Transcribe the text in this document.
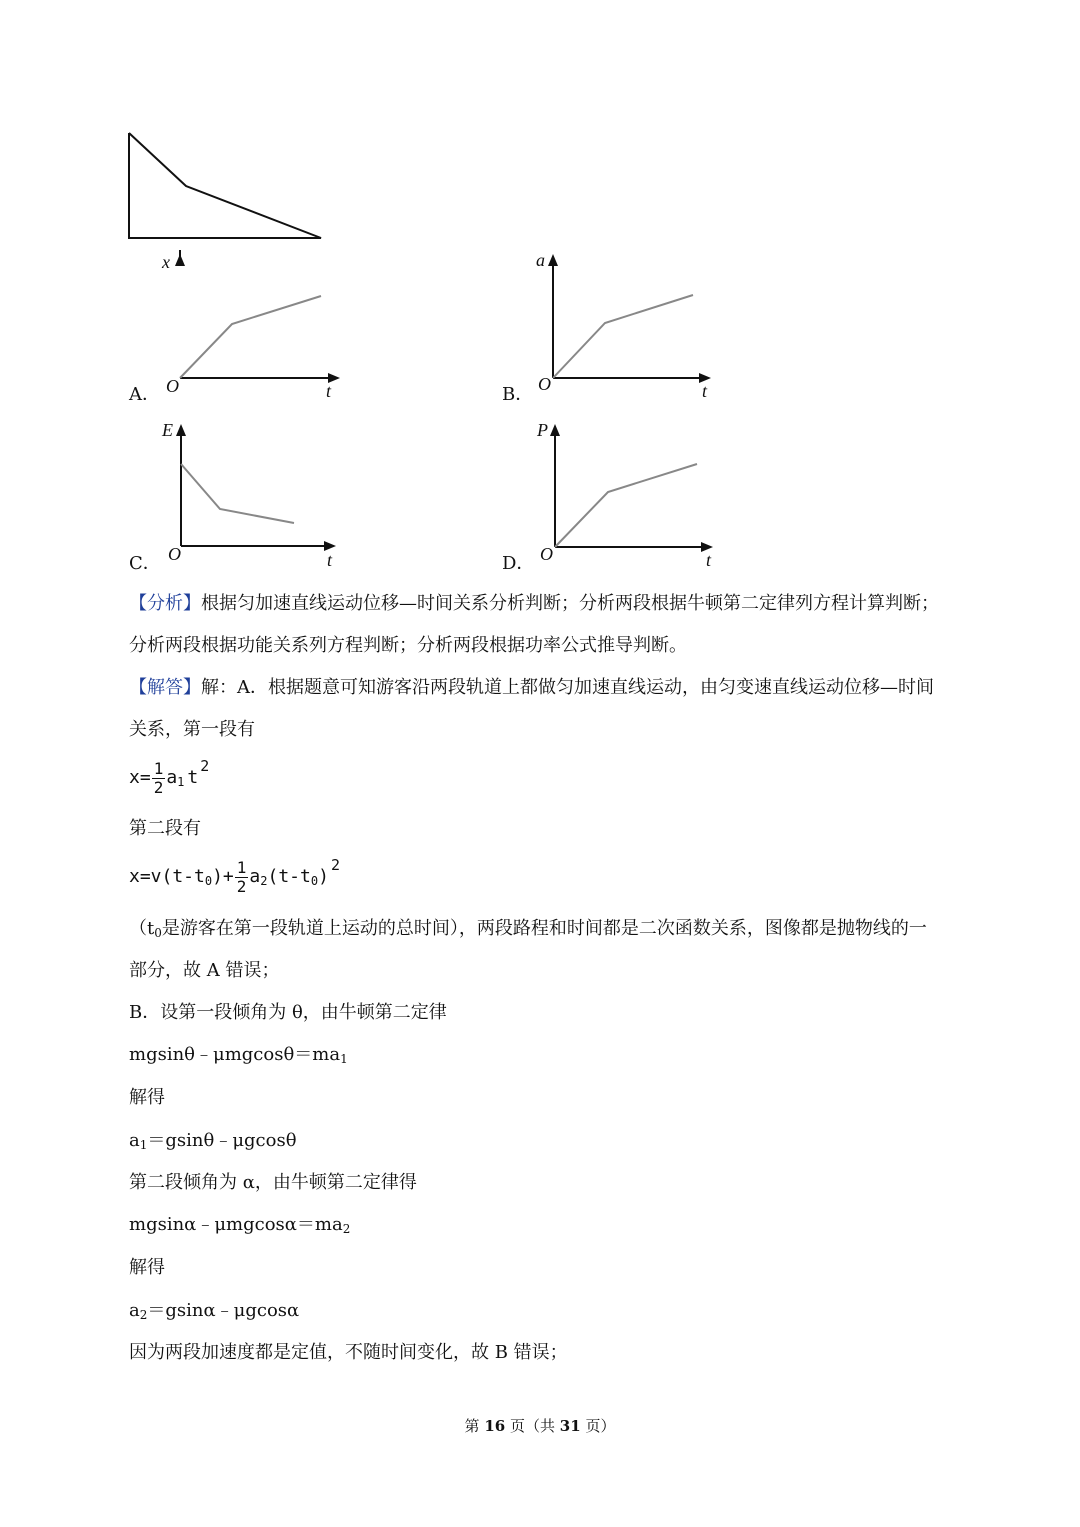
x
O	t
A．
a
O	t
B．
E
O	t
C．
P
O	t
D．
【分析】根据匀加速直线运动位移—时间关系分析判断；分析两段根据牛顿第二定律列方程计算判断；
分析两段根据功能关系列方程判断；分析两段根据功率公式推导判断。
【解答】解：A．根据题意可知游客沿两段轨道上都做匀加速直线运动，由匀变速直线运动位移—时间
关系，第一段有
$x= \frac{1}{2} a_1$ $t^2$
第二段有
$x=v(t-t_0)+ \frac{1}{2} a_2(t-t_0)^2$
（$t_0$是游客在第一段轨道上运动的总时间），两段路程和时间都是二次函数关系，图像都是抛物线的一
部分，故 A 错误；
B．设第一段倾角为 θ，由牛顿第二定律
$mgsin\theta﹣\mu mgcos\theta=ma_1$
解得
$a_1=gsin\theta﹣\mu gcos\theta$
第二段倾角为 α，由牛顿第二定律得
$mgsin\alpha﹣\mu mgcos\alpha=ma_2$
解得
$a_2=gsin\alpha﹣\mu gcos\alpha$
因为两段加速度都是定值，不随时间变化，故 B 错误；
第 16 页（共 31 页）
